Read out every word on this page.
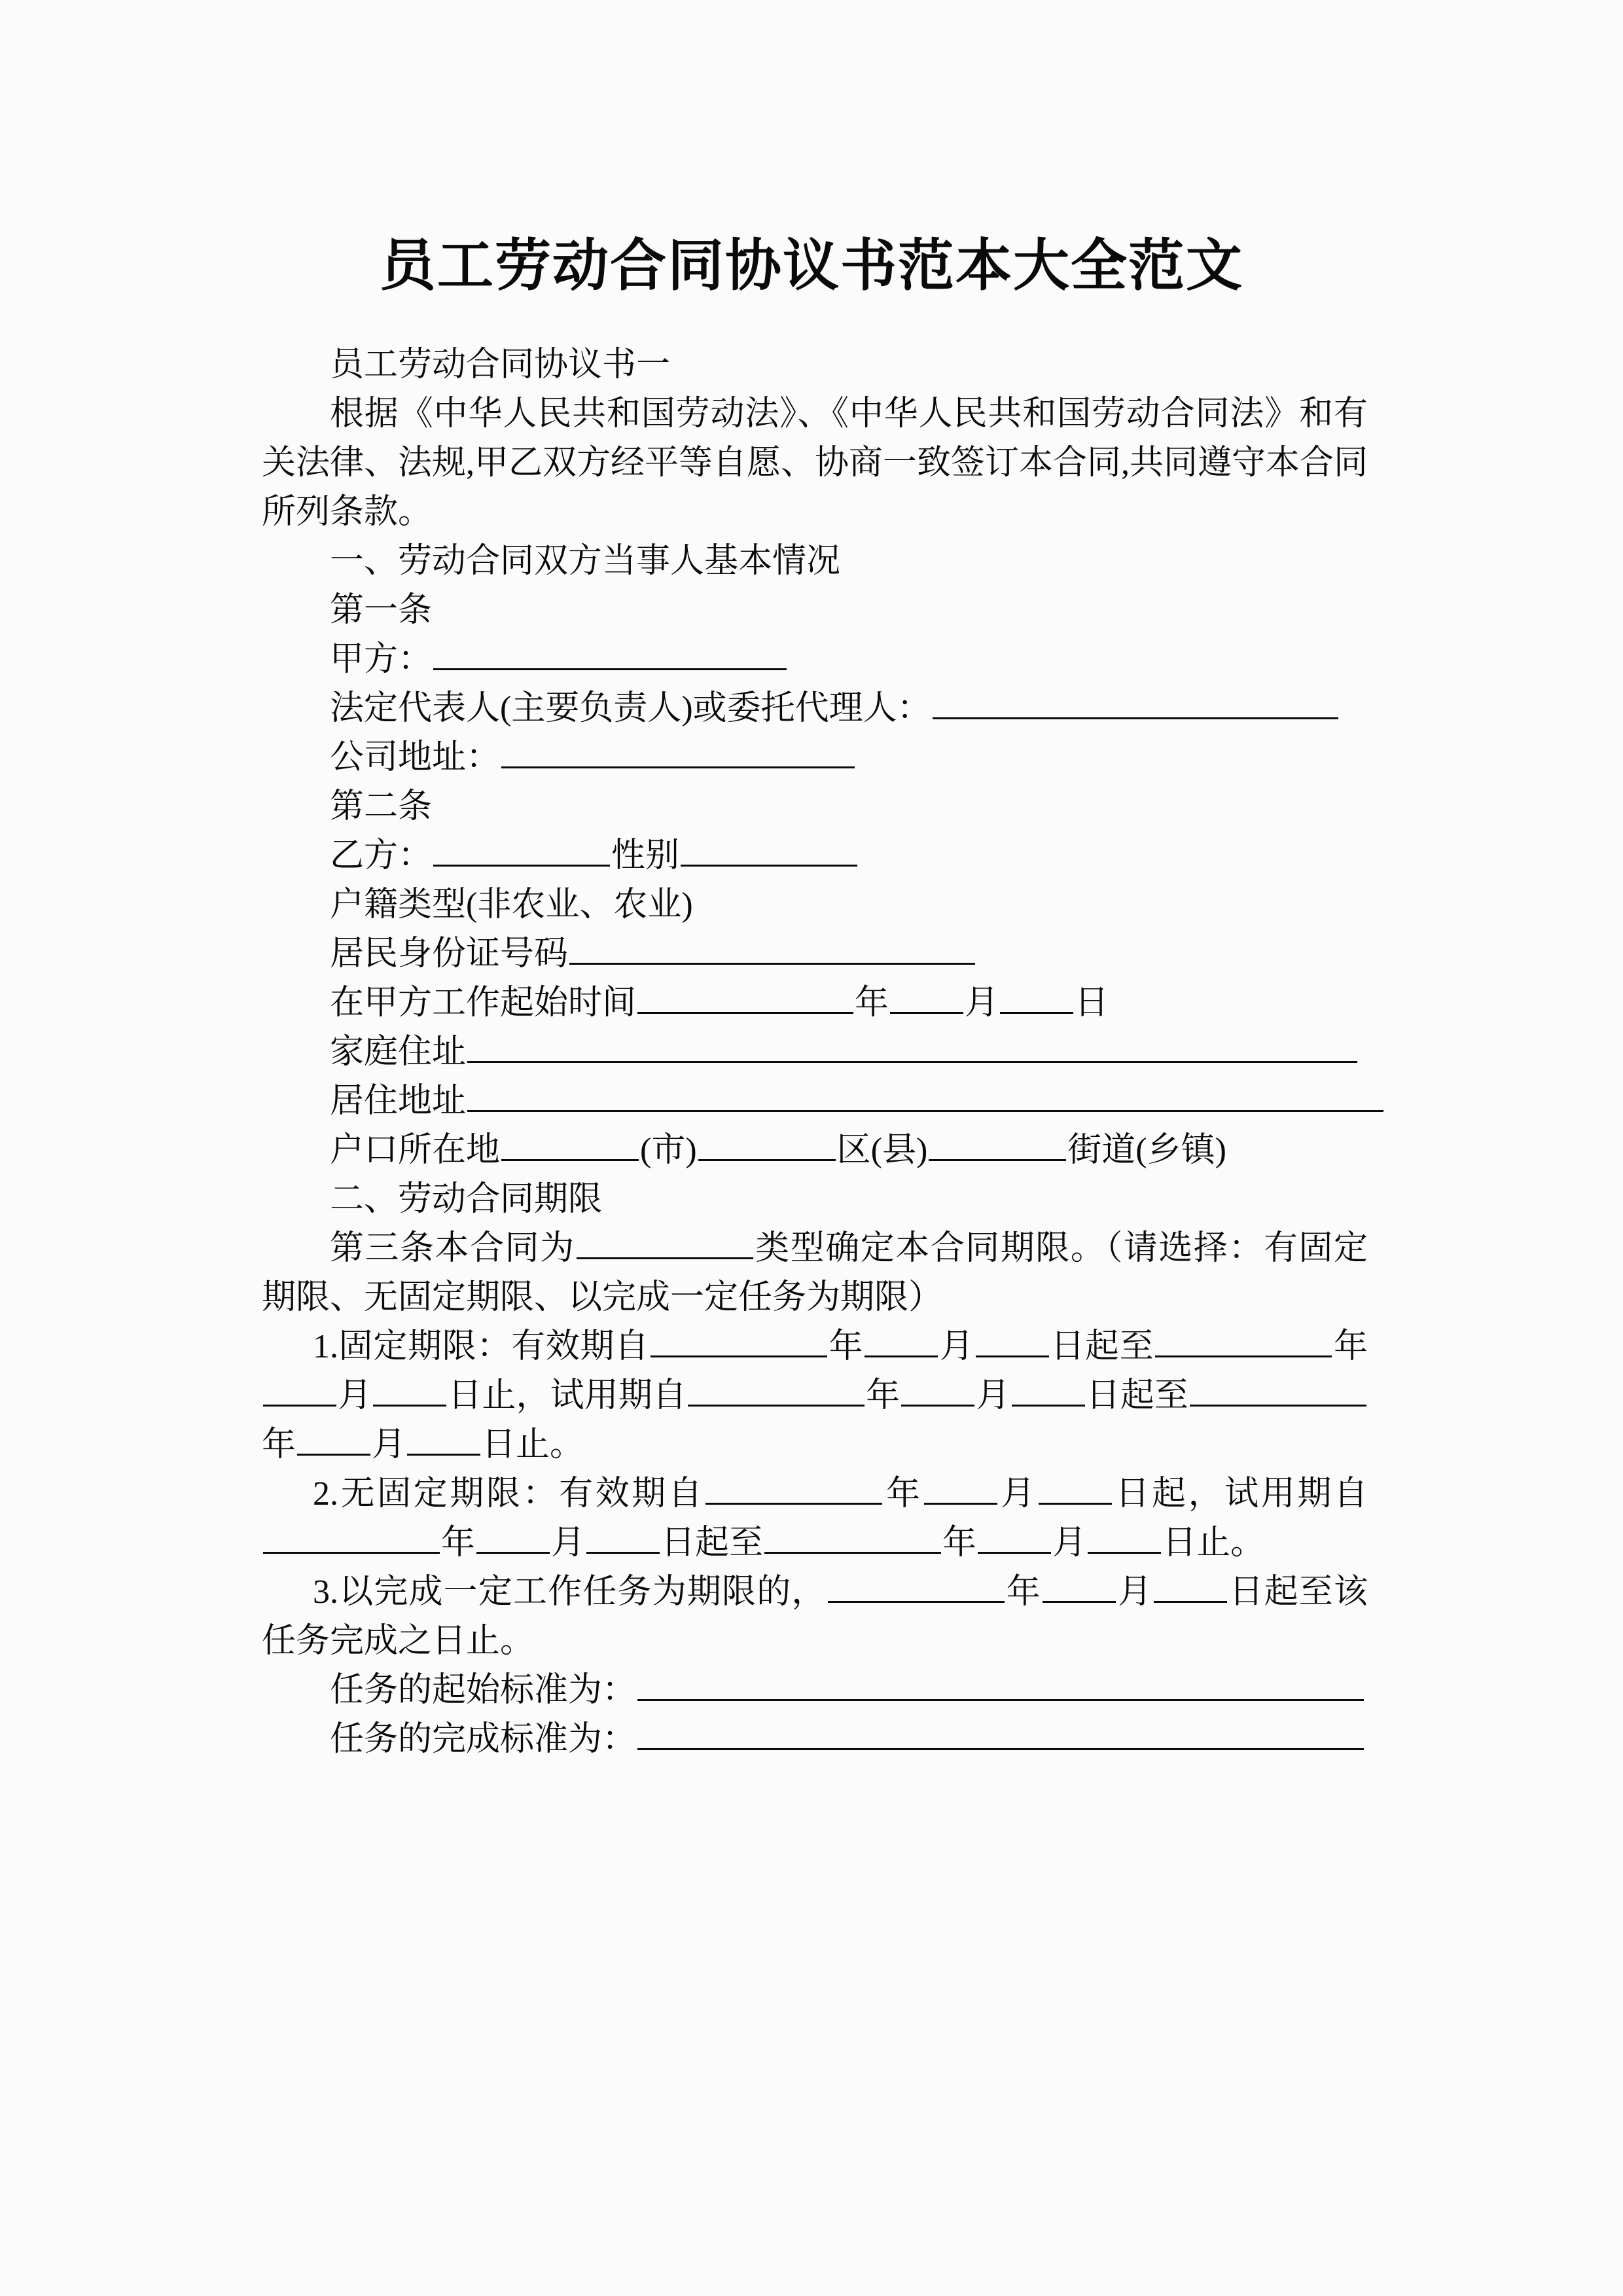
员工劳动合同协议书范本大全范文
员工劳动合同协议书一
根据《中华人民共和国劳动法》、《中华人民共和国劳动合同法》和有关法律、法规,甲乙双方经平等自愿、协商一致签订本合同,共同遵守本合同所列条款。
一、劳动合同双方当事人基本情况
第一条
甲方：
法定代表人(主要负责人)或委托代理人：
公司地址：
第二条
乙方：	性别
户籍类型(非农业、农业)
居民身份证号码
在甲方工作起始时间	年 月 日
家庭住址
居住地址
户口所在地	(市)	区(县)	街道(乡镇)
二、劳动合同期限
第三条本合同为	类型确定本合同期限。（请选择：有固定期限、无固定期限、以完成一定任务为期限）
1.固定期限：有效期自	年 月 日起至	年月 日止，试用期自	年 月 日起至年 月 日止。
2.无固定期限：有效期自	年 月 日起，试用期自年 月 日起至	年 月 日止。
3.以完成一定工作任务为期限的，	年 月 日起至该任务完成之日止。
任务的起始标准为：
任务的完成标准为：
